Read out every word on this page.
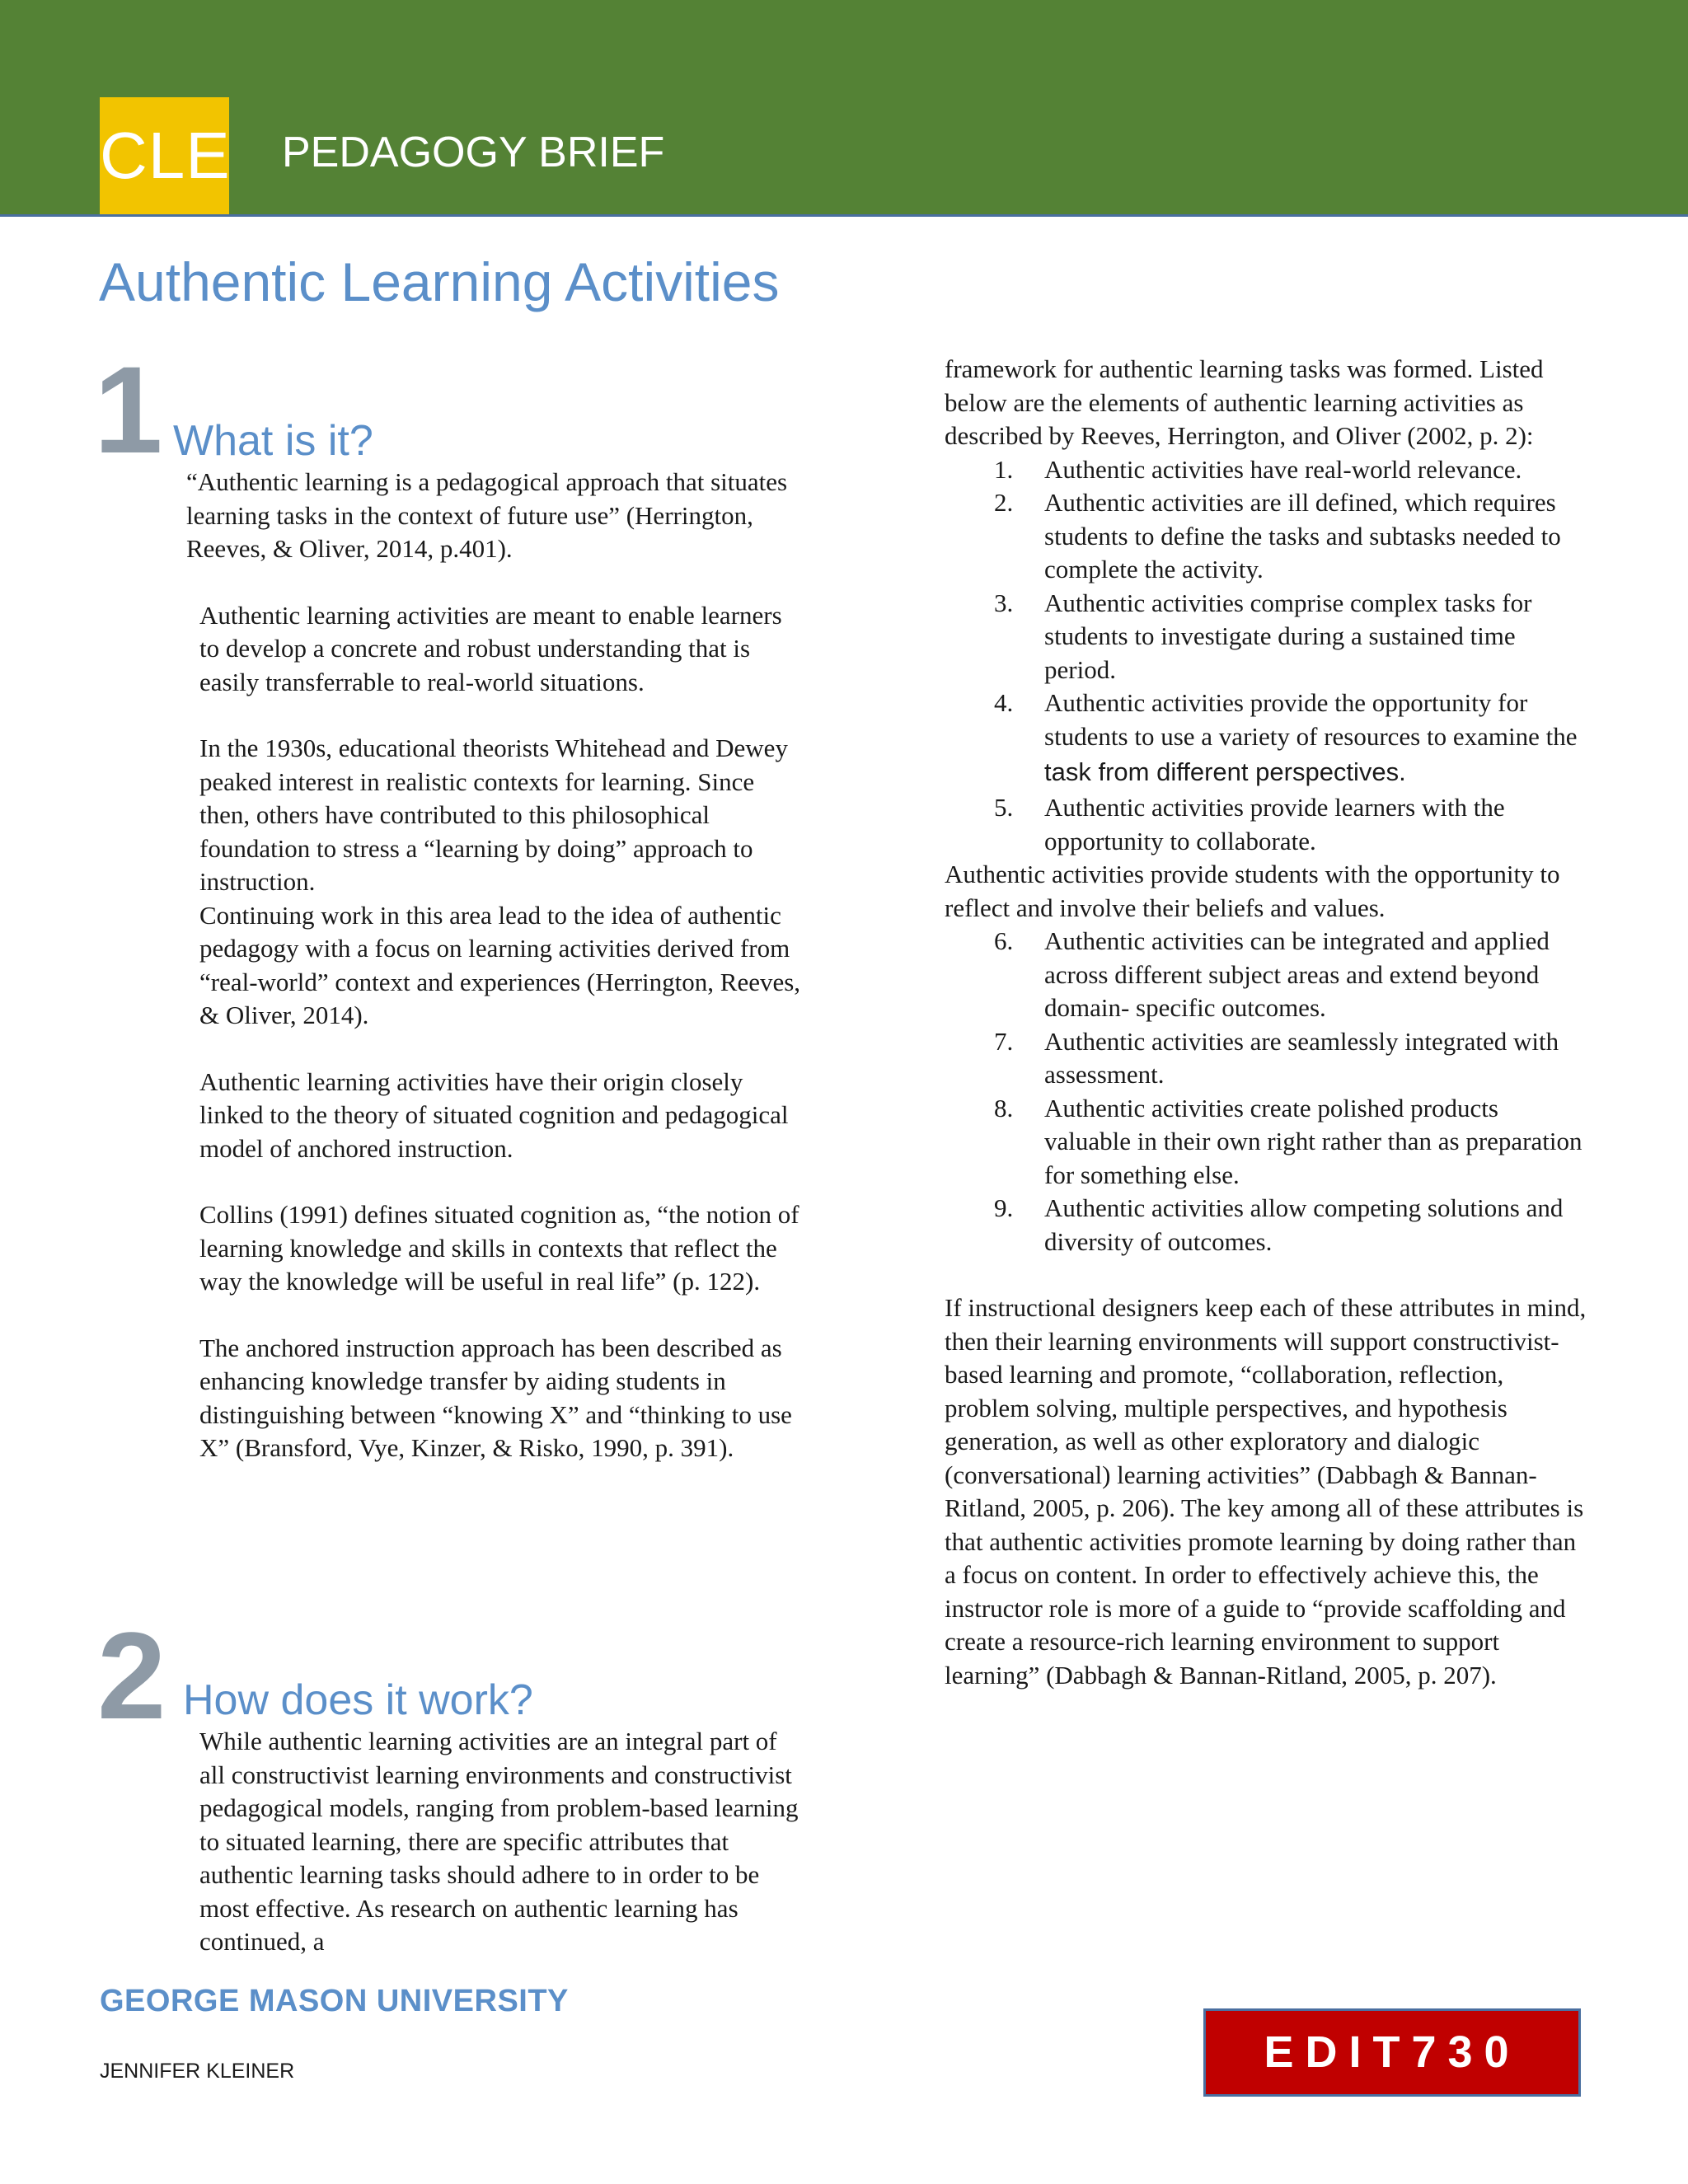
CLE PEDAGOGY BRIEF
Authentic Learning Activities
1 What is it?

“Authentic learning is a pedagogical approach that situates learning tasks in the context of future use” (Herrington, Reeves, & Oliver, 2014, p.401).

Authentic learning activities are meant to enable learners to develop a concrete and robust understanding that is easily transferrable to real-world situations.

In the 1930s, educational theorists Whitehead and Dewey peaked interest in realistic contexts for learning. Since then, others have contributed to this philosophical foundation to stress a “learning by doing” approach to instruction.

Continuing work in this area lead to the idea of authentic pedagogy with a focus on learning activities derived from “real-world” context and experiences (Herrington, Reeves, & Oliver, 2014).

Authentic learning activities have their origin closely linked to the theory of situated cognition and pedagogical model of anchored instruction.

Collins (1991) defines situated cognition as, “the notion of learning knowledge and skills in contexts that reflect the way the knowledge will be useful in real life” (p. 122).

The anchored instruction approach has been described as enhancing knowledge transfer by aiding students in distinguishing between “knowing X” and “thinking to use X” (Bransford, Vye, Kinzer, & Risko, 1990, p. 391).

2 How does it work?

While authentic learning activities are an integral part of all constructivist learning environments and constructivist pedagogical models, ranging from problem-based learning to situated learning, there are specific attributes that authentic learning tasks should adhere to in order to be most effective. As research on authentic learning has continued, a

framework for authentic learning tasks was formed. Listed below are the elements of authentic learning activities as described by Reeves, Herrington, and Oliver (2002, p. 2):

1. Authentic activities have real-world relevance.
2. Authentic activities are ill defined, which requires students to define the tasks and subtasks needed to complete the activity.
3. Authentic activities comprise complex tasks for students to investigate during a sustained time period.
4. Authentic activities provide the opportunity for students to use a variety of resources to examine the task from different perspectives.
5. Authentic activities provide learners with the opportunity to collaborate.

Authentic activities provide students with the opportunity to reflect and involve their beliefs and values.

6. Authentic activities can be integrated and applied across different subject areas and extend beyond domain- specific outcomes.
7. Authentic activities are seamlessly integrated with assessment.
8. Authentic activities create polished products valuable in their own right rather than as preparation for something else.
9. Authentic activities allow competing solutions and diversity of outcomes.

If instructional designers keep each of these attributes in mind, then their learning environments will support constructivist- based learning and promote, “collaboration, reflection, problem solving, multiple perspectives, and hypothesis generation, as well as other exploratory and dialogic (conversational) learning activities” (Dabbagh & Bannan-Ritland, 2005, p. 206). The key among all of these attributes is that authentic activities promote learning by doing rather than a focus on content. In order to effectively achieve this, the instructor role is more of a guide to “provide scaffolding and create a resource-rich learning environment to support learning” (Dabbagh & Bannan-Ritland, 2005, p. 207).

GEORGE MASON UNIVERSITY
JENNIFER KLEINER	EDIT730
